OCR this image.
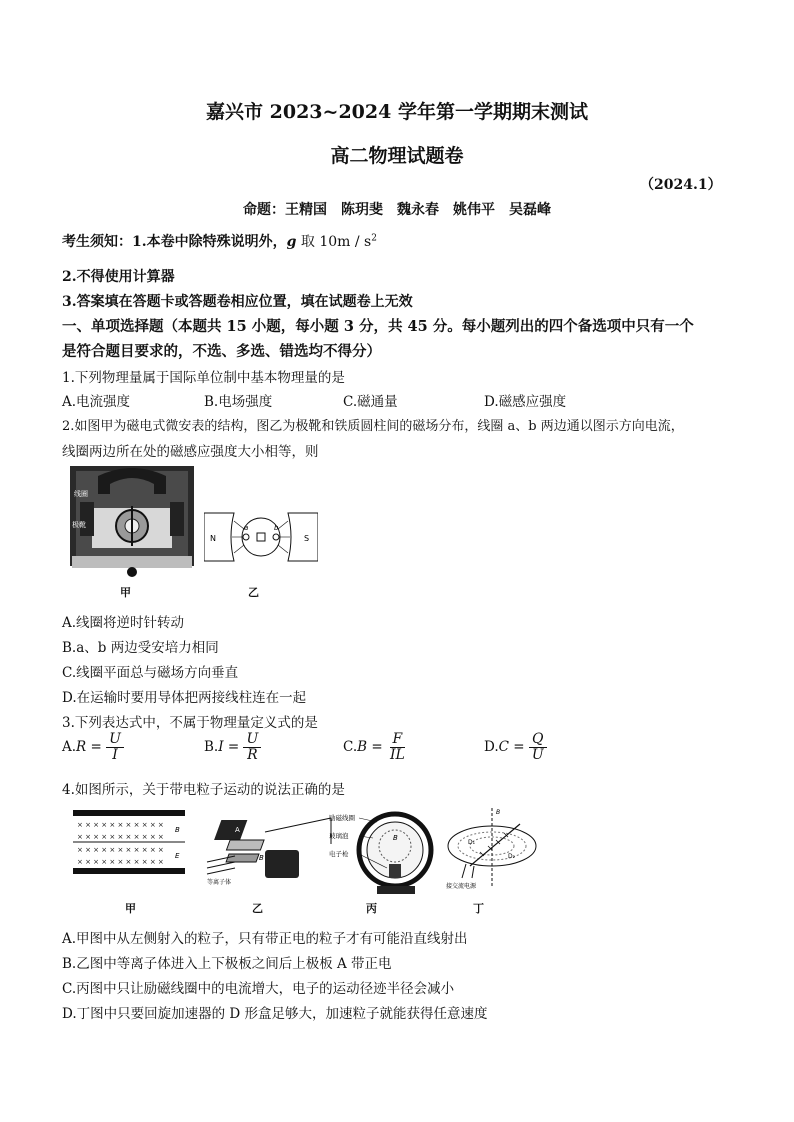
嘉兴市 2023~2024 学年第一学期期末测试
高二物理试题卷
（2024.1）
命题：王精国　陈玥斐　魏永春　姚伟平　吴磊峰
考生须知：1.本卷中除特殊说明外，g 取 $10m / s^2$
2.不得使用计算器
3.答案填在答题卡或答题卷相应位置，填在试题卷上无效
一、单项选择题（本题共 15 小题，每小题 3 分，共 45 分。每小题列出的四个备选项中只有一个
是符合题目要求的，不选、多选、错选均不得分）
1.下列物理量属于国际单位制中基本物理量的是
A.电流强度	B.电场强度	C.磁通量	D.磁感应强度
2.如图甲为磁电式微安表的结构，图乙为极靴和铁质圆柱间的磁场分布，线圈 a、b 两边通以图示方向电流，
线圈两边所在处的磁感应强度大小相等，则
线圈
极靴
甲
N	S
a	b
乙
A.线圈将逆时针转动
B.a、b 两边受安培力相同
C.线圈平面总与磁场方向垂直
D.在运输时要用导体把两接线柱连在一起
3.下列表达式中，不属于物理量定义式的是
$A.R = \frac{U}{I}$	$B.I = \frac{U}{R}$	$C.B = \frac{F}{IL}$	$D.C = \frac{Q}{U}$
4.如图所示，关于带电粒子运动的说法正确的是
× × × × × × × × × × ×
× × × × × × × × × × ×
× × × × × × × × × × ×
× × × × × × × × × × ×
B
E
甲
A
B
等离子体
乙
励磁线圈
玻璃泡
电子枪
B
丙
D₁
D₂
B
接交流电源
丁
A.甲图中从左侧射入的粒子，只有带正电的粒子才有可能沿直线射出
B.乙图中等离子体进入上下极板之间后上极板 A 带正电
C.丙图中只让励磁线圈中的电流增大，电子的运动径迹半径会减小
D.丁图中只要回旋加速器的 D 形盒足够大，加速粒子就能获得任意速度
